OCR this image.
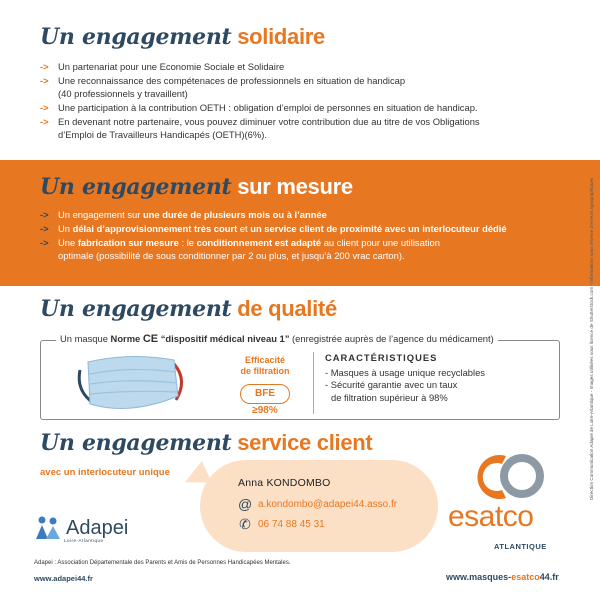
Un engagement solidaire
-> Un partenariat pour une Economie Sociale et Solidaire
-> Une reconnaissance des compétenaces de professionnels en situation de handicap
(40 professionnels y travaillent)
-> Une participation à la contribution OETH : obligation d’emploi de personnes en situation de handicap.
-> En devenant notre partenaire, vous pouvez diminuer votre contribution due au titre de vos Obligations
d’Emploi de Travailleurs Handicapés (OETH)(6%).
Un engagement sur mesure
-> Un engagement sur une durée de plusieurs mois ou à l’année
-> Un délai d’approvisionnement très court et un service client de proximité avec un interlocuteur dédié
-> Une fabrication sur mesure : le conditionnement est adapté au client pour une utilisation
optimale (possibilité de sous conditionner par 2 ou plus, et jusqu’à 200 vrac carton).
Un engagement de qualité
Un masque Norme CE “dispositif médical niveau 1” (enregistrée auprès de l’agence du médicament)
Efficacité
de filtration
BFE ≥98%
CARACTÉRISTIQUES
- Masques à usage unique recyclables
- Sécurité garantie avec un taux
de filtration supérieur à 98%
Un engagement service client
avec un interlocuteur unique
Anna KONDOMBO
@ a.kondombo@adapei44.asso.fr
✆ 06 74 88 45 31
Adapei
Loire-Atlantique
Adapei : Association Départementale des Parents et Amis de Personnes Handicapées Mentales.
www.adapei44.fr
esatco
ATLANTIQUE
www.masques-esatco44.fr
Direction Communication Adapei de Loire-Atlantique - Images utilisées sous licence de Shutterstock.com - Informations sous réserve d’erreurs typographiques
